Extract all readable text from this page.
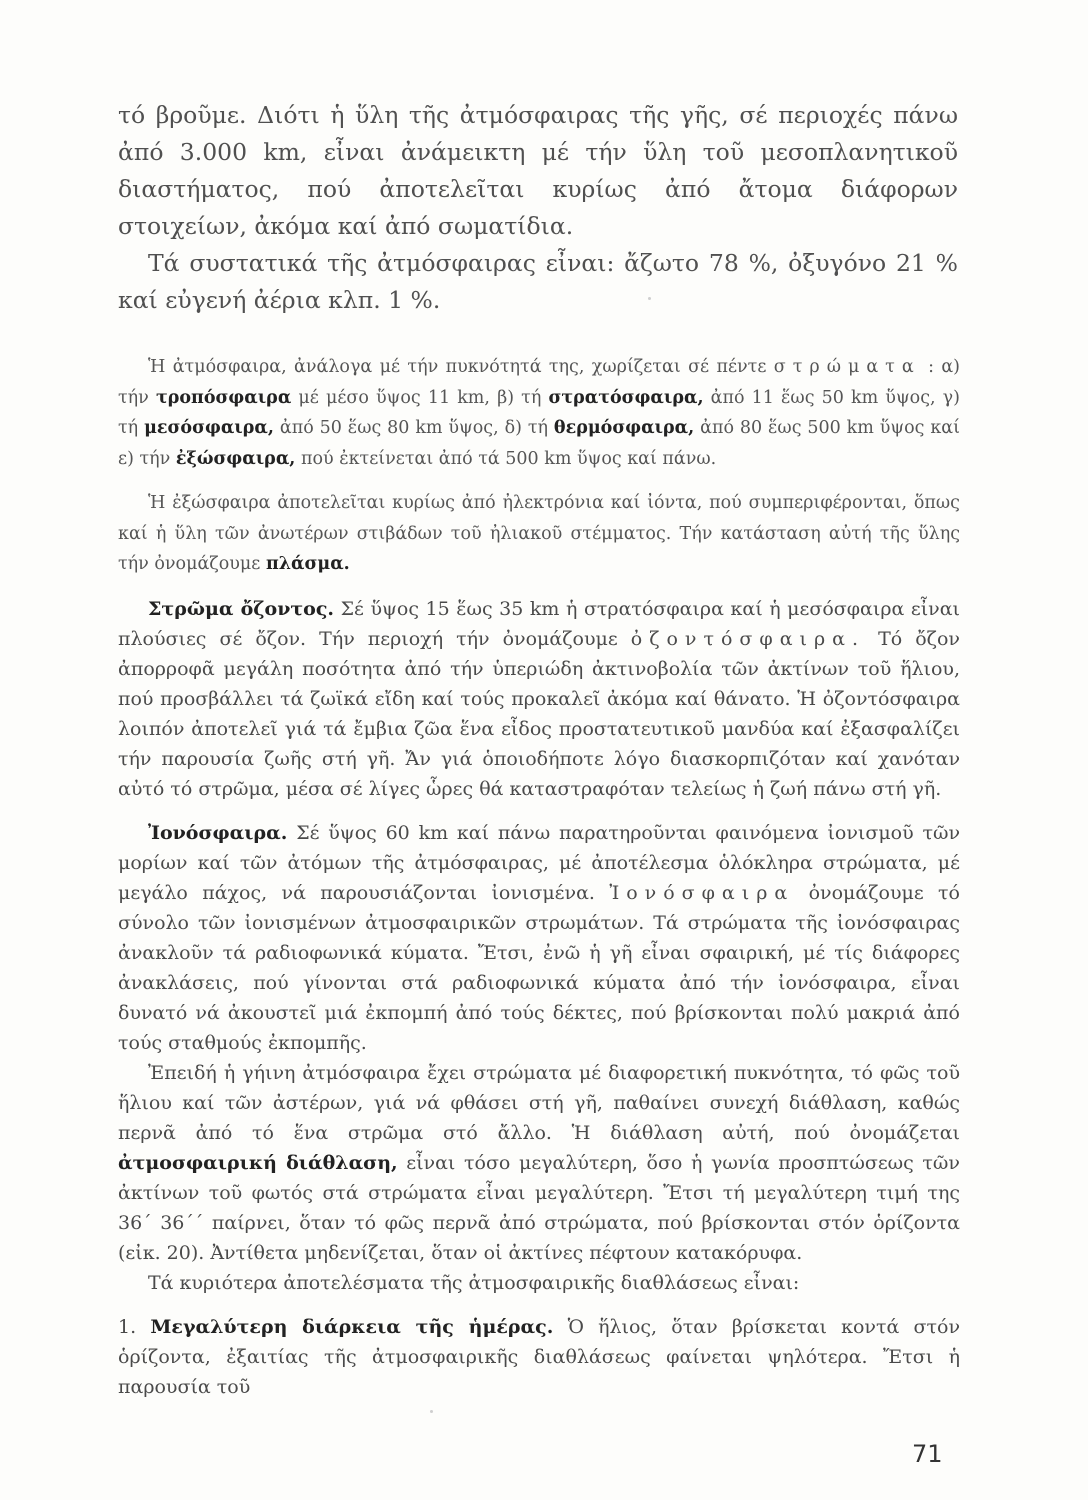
τό βροῦμε. Διότι ἡ ὕλη τῆς ἀτμόσφαιρας τῆς γῆς, σέ περιοχές πάνω ἀπό 3.000 km, εἶναι ἀνάμεικτη μέ τήν ὕλη τοῦ μεσοπλανητικοῦ διαστήματος, πού ἀποτελεῖται κυρίως ἀπό ἄτομα διάφορων στοιχείων, ἀκόμα καί ἀπό σωματίδια.

Τά συστατικά τῆς ἀτμόσφαιρας εἶναι: ἄζωτο 78 %, ὀξυγόνο 21 % καί εὐγενή ἀέρια κλπ. 1 %.

Ἡ ἀτμόσφαιρα, ἀνάλογα μέ τήν πυκνότητά της, χωρίζεται σέ πέντε στρώματα : α) τήν τροπόσφαιρα μέ μέσο ὕψος 11 km, β) τή στρατόσφαιρα, ἀπό 11 ἕως 50 km ὕψος, γ) τή μεσόσφαιρα, ἀπό 50 ἕως 80 km ὕψος, δ) τή θερμόσφαιρα, ἀπό 80 ἕως 500 km ὕψος καί ε) τήν ἐξώσφαιρα, πού ἐκτείνεται ἀπό τά 500 km ὕψος καί πάνω.

Ἡ ἐξώσφαιρα ἀποτελεῖται κυρίως ἀπό ἠλεκτρόνια καί ἰόντα, πού συμπεριφέρονται, ὅπως καί ἡ ὕλη τῶν ἀνωτέρων στιβάδων τοῦ ἠλιακοῦ στέμματος. Τήν κατάσταση αὐτή τῆς ὕλης τήν ὀνομάζουμε πλάσμα.

Στρῶμα ὄζοντος. Σέ ὕψος 15 ἕως 35 km ἡ στρατόσφαιρα καί ἡ μεσόσφαιρα εἶναι πλούσιες σέ ὄζον. Τήν περιοχή τήν ὀνομάζουμε ὀζοντόσφαιρα. Τό ὄζον ἀπορροφᾶ μεγάλη ποσότητα ἀπό τήν ὑπεριώδη ἀκτινοβολία τῶν ἀκτίνων τοῦ ἥλιου, πού προσβάλλει τά ζωϊκά εἴδη καί τούς προκαλεῖ ἀκόμα καί θάνατο. Ἡ ὀζοντόσφαιρα λοιπόν ἀποτελεῖ γιά τά ἔμβια ζῶα ἕνα εἶδος προστατευτικοῦ μανδύα καί ἐξασφαλίζει τήν παρουσία ζωῆς στή γῆ. Ἄν γιά ὁποιοδήποτε λόγο διασκορπιζόταν καί χανόταν αὐτό τό στρῶμα, μέσα σέ λίγες ὧρες θά καταστραφόταν τελείως ἡ ζωή πάνω στή γῆ.

Ἰονόσφαιρα. Σέ ὕψος 60 km καί πάνω παρατηροῦνται φαινόμενα ἰονισμοῦ τῶν μορίων καί τῶν ἀτόμων τῆς ἀτμόσφαιρας, μέ ἀποτέλεσμα ὁλόκληρα στρώματα, μέ μεγάλο πάχος, νά παρουσιάζονται ἰονισμένα. Ἰονόσφαιρα ὀνομάζουμε τό σύνολο τῶν ἰονισμένων ἀτμοσφαιρικῶν στρωμάτων. Τά στρώματα τῆς ἰονόσφαιρας ἀνακλοῦν τά ραδιοφωνικά κύματα. Ἔτσι, ἐνῶ ἡ γῆ εἶναι σφαιρική, μέ τίς διάφορες ἀνακλάσεις, πού γίνονται στά ραδιοφωνικά κύματα ἀπό τήν ἰονόσφαιρα, εἶναι δυνατό νά ἀκουστεῖ μιά ἐκπομπή ἀπό τούς δέκτες, πού βρίσκονται πολύ μακριά ἀπό τούς σταθμούς ἐκπομπῆς.

Ἐπειδή ἡ γήινη ἀτμόσφαιρα ἔχει στρώματα μέ διαφορετική πυκνότητα, τό φῶς τοῦ ἥλιου καί τῶν ἀστέρων, γιά νά φθάσει στή γῆ, παθαίνει συνεχή διάθλαση, καθώς περνᾶ ἀπό τό ἕνα στρῶμα στό ἄλλο. Ἡ διάθλαση αὐτή, πού ὀνομάζεται ἀτμοσφαιρική διάθλαση, εἶναι τόσο μεγαλύτερη, ὅσο ἡ γωνία προσπτώσεως τῶν ἀκτίνων τοῦ φωτός στά στρώματα εἶναι μεγαλύτερη. Ἔτσι τή μεγαλύτερη τιμή της 36΄ 36΄΄ παίρνει, ὅταν τό φῶς περνᾶ ἀπό στρώματα, πού βρίσκονται στόν ὁρίζοντα (εἰκ. 20). Ἀντίθετα μηδενίζεται, ὅταν οἱ ἀκτίνες πέφτουν κατακόρυφα.

Τά κυριότερα ἀποτελέσματα τῆς ἀτμοσφαιρικῆς διαθλάσεως εἶναι:

1. Μεγαλύτερη διάρκεια τῆς ἡμέρας. Ὁ ἥλιος, ὅταν βρίσκεται κοντά στόν ὁρίζοντα, ἐξαιτίας τῆς ἀτμοσφαιρικῆς διαθλάσεως φαίνεται ψηλότερα. Ἔτσι ἡ παρουσία τοῦ

71
